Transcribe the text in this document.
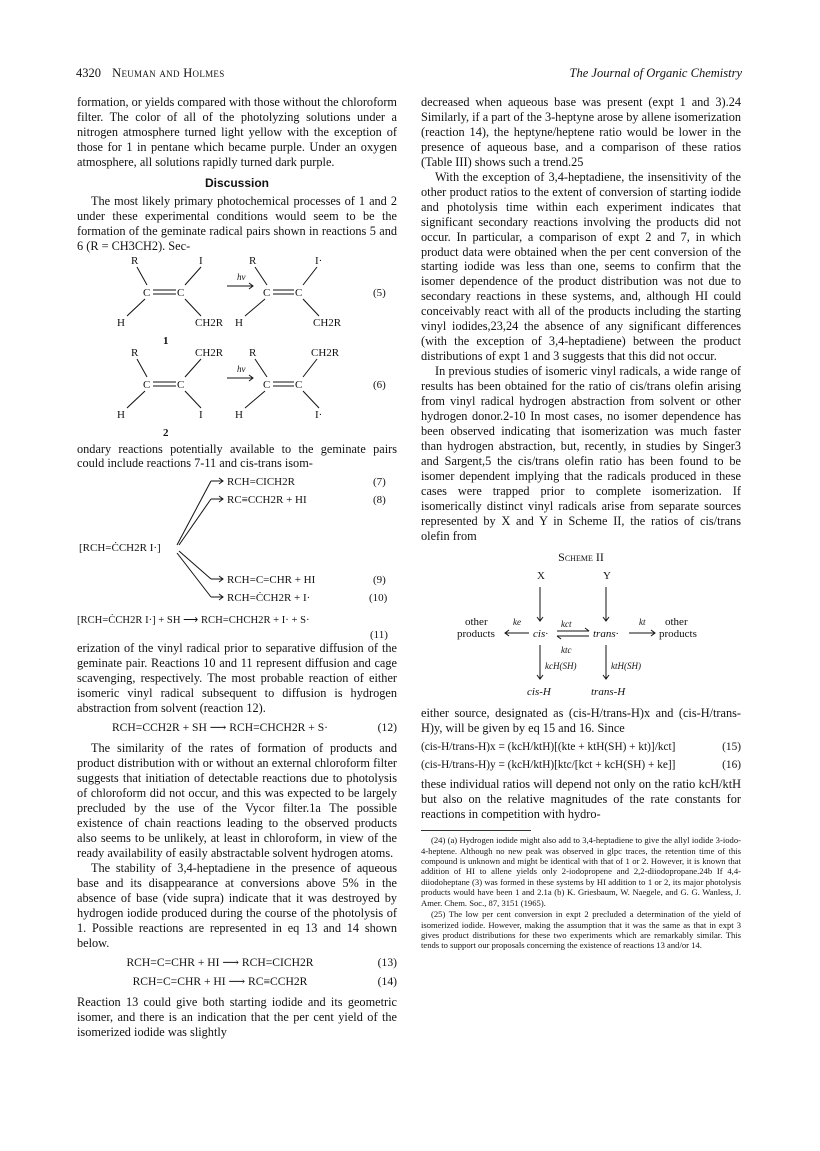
4320 Neuman and Holmes	The Journal of Organic Chemistry

formation, or yields compared with those without the chloroform filter. The color of all of the photolyzing solutions under a nitrogen atmosphere turned light yellow with the exception of those for 1 in pentane which became purple. Under an oxygen atmosphere, all solutions rapidly turned dark purple.

Discussion

The most likely primary photochemical processes of 1 and 2 under these experimental conditions would seem to be the formation of the geminate radical pairs shown in reactions 5 and 6 (R = CH3CH2). Sec-

R	I
C C
H	CH2R
1
hν
R	I·
C C
H	CH2R
(5)
R	CH2R
C C
H	I
2
hν
R	CH2R
C C
H	I·
(6)

ondary reactions potentially available to the geminate pairs could include reactions 7-11 and cis-trans isom-

[RCH=ĊCH2R I·]
RCH=CICH2R	(7)
RC≡CCH2R + HI	(8)
RCH=C=CHR + HI	(9)
RCH=ĊCH2R + I·	(10)
[RCH=ĊCH2R I·] + SH ⟶ RCH=CHCH2R + I· + S·
(11)

erization of the vinyl radical prior to separative diffusion of the geminate pair. Reactions 10 and 11 represent diffusion and cage scavenging, respectively. The most probable reaction of either isomeric vinyl radical subsequent to diffusion is hydrogen abstraction from solvent (reaction 12).

RCH=CCH2R + SH ⟶ RCH=CHCH2R + S·	(12)

The similarity of the rates of formation of products and product distribution with or without an external chloroform filter suggests that initiation of detectable reactions due to photolysis of chloroform did not occur, and this was expected to be largely precluded by the use of the Vycor filter.1a The possible existence of chain reactions leading to the observed products also seems to be unlikely, at least in chloroform, in view of the ready availability of easily abstractable solvent hydrogen atoms.

The stability of 3,4-heptadiene in the presence of aqueous base and its disappearance at conversions above 5% in the absence of base (vide supra) indicate that it was destroyed by hydrogen iodide produced during the course of the photolysis of 1. Possible reactions are represented in eq 13 and 14 shown below.

RCH=C=CHR + HI ⟶ RCH=CICH2R	(13)
RCH=C=CHR + HI ⟶ RC≡CCH2R	(14)

Reaction 13 could give both starting iodide and its geometric isomer, and there is an indication that the per cent yield of the isomerized iodide was slightly

decreased when aqueous base was present (expt 1 and 3).24 Similarly, if a part of the 3-heptyne arose by allene isomerization (reaction 14), the heptyne/heptene ratio would be lower in the presence of aqueous base, and a comparison of these ratios (Table III) shows such a trend.25

With the exception of 3,4-heptadiene, the insensitivity of the other product ratios to the extent of conversion of starting iodide and photolysis time within each experiment indicates that significant secondary reactions involving the products did not occur. In particular, a comparison of expt 2 and 7, in which product data were obtained when the per cent conversion of the starting iodide was less than one, seems to confirm that the isomer dependence of the product distribution was not due to secondary reactions in these systems, and, although HI could conceivably react with all of the products including the starting vinyl iodides,23,24 the absence of any significant differences (with the exception of 3,4-heptadiene) between the product distributions of expt 1 and 3 suggests that this did not occur.

In previous studies of isomeric vinyl radicals, a wide range of results has been obtained for the ratio of cis/trans olefin arising from vinyl radical hydrogen abstraction from solvent or other hydrogen donor.2-10 In most cases, no isomer dependence has been observed indicating that isomerization was much faster than hydrogen abstraction, but, recently, in studies by Singer3 and Sargent,5 the cis/trans olefin ratio has been found to be isomer dependent implying that the radicals produced in these cases were trapped prior to complete isomerization. If isomerically distinct vinyl radicals arise from separate sources represented by X and Y in Scheme II, the ratios of cis/trans olefin from

Scheme II
X	Y
other
products
ke
cis·
kct
ktc
trans·
kt other
products
kcH(SH)	ktH(SH)
cis-H	trans-H

either source, designated as (cis-H/trans-H)x and (cis-H/trans-H)y, will be given by eq 15 and 16. Since

(cis-H/trans-H)x = (kcH/ktH)[(kte + ktH(SH) + kt)]/kct]	(15)
(cis-H/trans-H)y = (kcH/ktH)[ktc/[kct + kcH(SH) + ke]]	(16)

these individual ratios will depend not only on the ratio kcH/ktH but also on the relative magnitudes of the rate constants for reactions in competition with hydro-

(24) (a) Hydrogen iodide might also add to 3,4-heptadiene to give the allyl iodide 3-iodo-4-heptene. Although no new peak was observed in glpc traces, the retention time of this compound is unknown and might be identical with that of 1 or 2. However, it is known that addition of HI to allene yields only 2-iodopropene and 2,2-diiodopropane.24b If 4,4-diiodoheptane (3) was formed in these systems by HI addition to 1 or 2, its major photolysis products would have been 1 and 2.1a (b) K. Griesbaum, W. Naegele, and G. G. Wanless, J. Amer. Chem. Soc., 87, 3151 (1965).

(25) The low per cent conversion in expt 2 precluded a determination of the yield of isomerized iodide. However, making the assumption that it was the same as that in expt 3 gives product distributions for these two experiments which are remarkably similar. This tends to support our proposals concerning the existence of reactions 13 and/or 14.
